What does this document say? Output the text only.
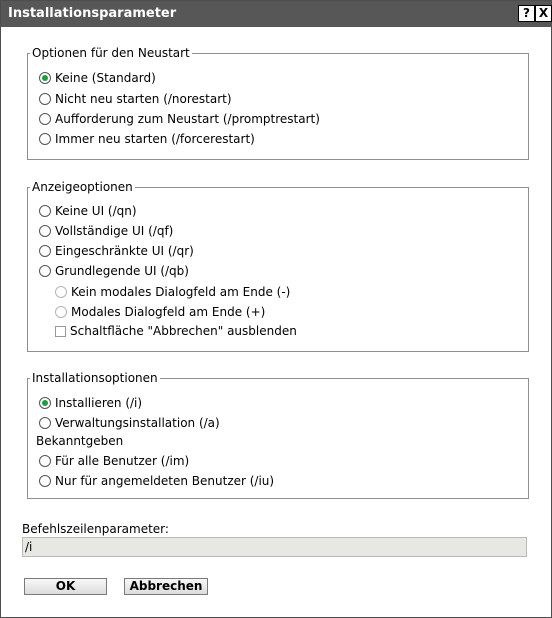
Installationsparameter	? X
Optionen für den Neustart
Keine (Standard)
Nicht neu starten (/norestart)
Aufforderung zum Neustart (/promptrestart)
Immer neu starten (/forcerestart)
Anzeigeoptionen
Keine UI (/qn)
Vollständige UI (/qf)
Eingeschränkte UI (/qr)
Grundlegende UI (/qb)
Kein modales Dialogfeld am Ende (-)
Modales Dialogfeld am Ende (+)
Schaltfläche "Abbrechen" ausblenden
Installationsoptionen
Installieren (/i)
Verwaltungsinstallation (/a)
Bekanntgeben
Für alle Benutzer (/im)
Nur für angemeldeten Benutzer (/iu)
Befehlszeilenparameter:
/i
OK	Abbrechen
